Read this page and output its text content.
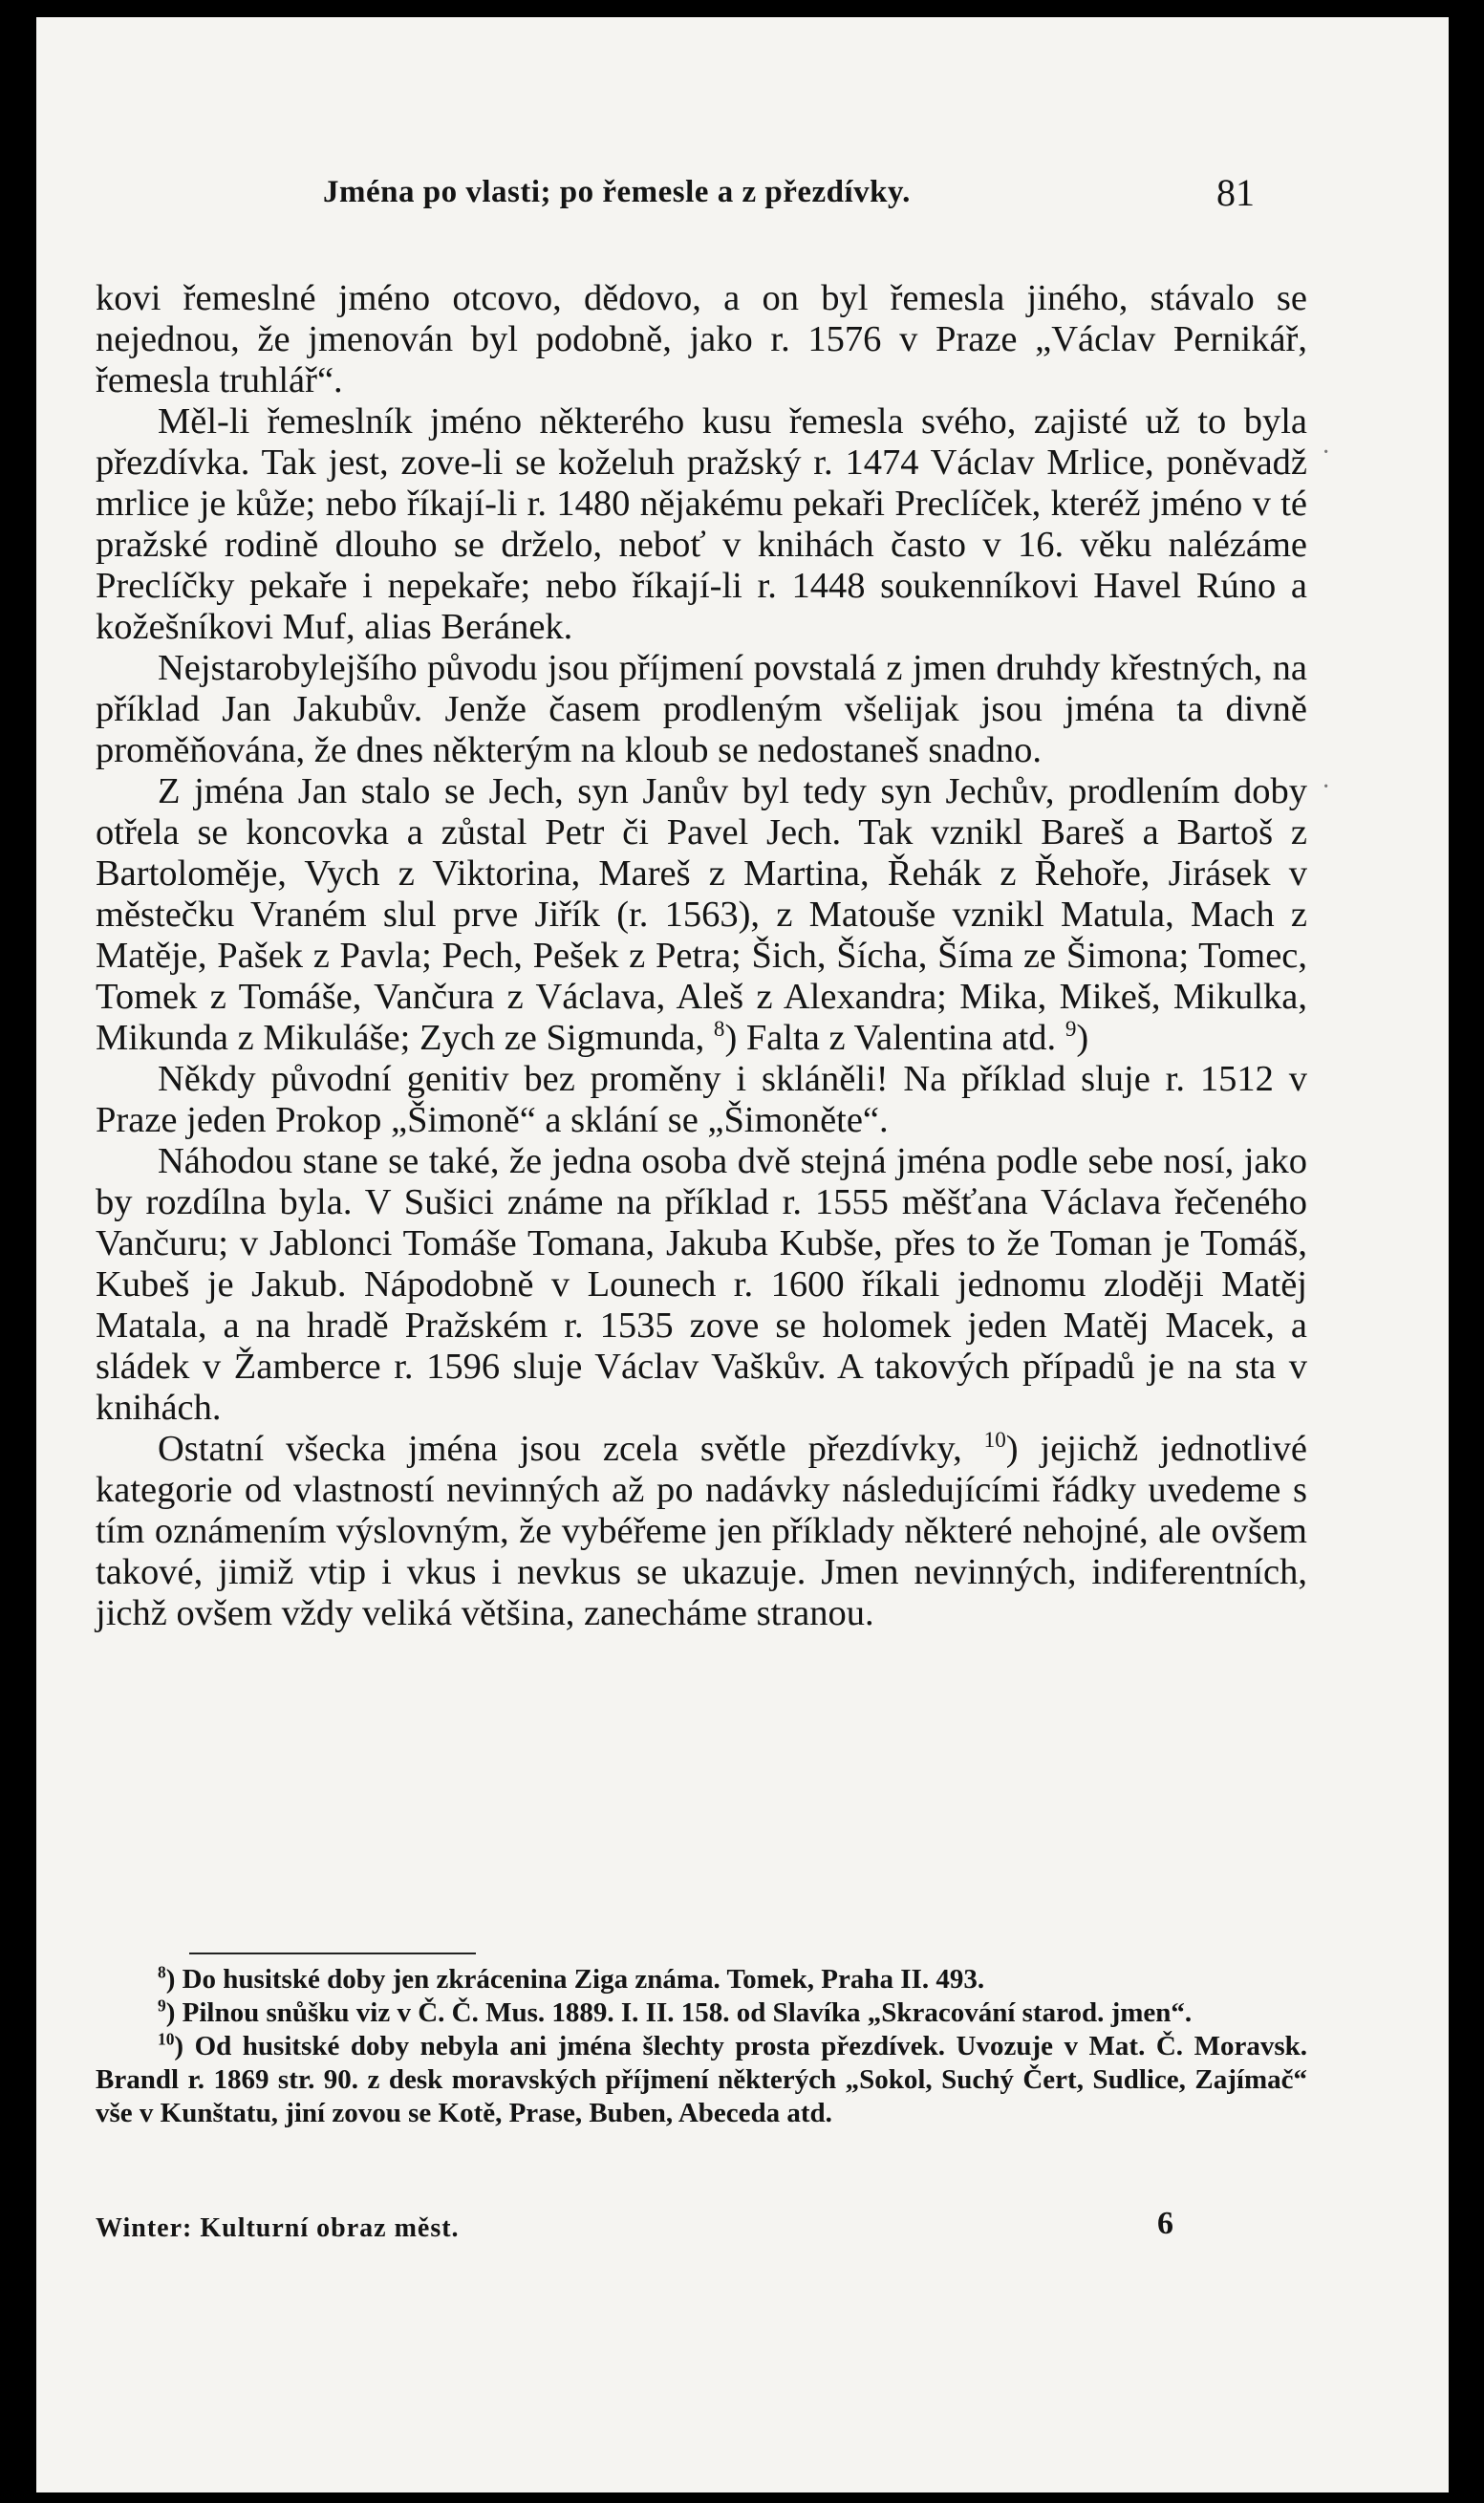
Jména po vlasti; po řemesle a z přezdívky.	81

kovi řemeslné jméno otcovo, dědovo, a on byl řemesla jiného, stávalo se nejednou, že jmenován byl podobně, jako r. 1576 v Praze „Václav Pernikář, řemesla truhlář“.

Měl-li řemeslník jméno některého kusu řemesla svého, zajisté už to byla přezdívka. Tak jest, zove-li se koželuh pražský r. 1474 Václav Mrlice, poněvadž mrlice je kůže; nebo říkají-li r. 1480 nějakému pekaři Preclíček, kteréž jméno v té pražské rodině dlouho se drželo, neboť v knihách často v 16. věku nalézáme Preclíčky pekaře i nepekaře; nebo říkají-li r. 1448 soukenníkovi Havel Rúno a kožešníkovi Muf, alias Beránek.

Nejstarobylejšího původu jsou příjmení povstalá z jmen druhdy křestných, na příklad Jan Jakubův. Jenže časem prodleným všelijak jsou jména ta divně proměňována, že dnes některým na kloub se nedostaneš snadno.

Z jména Jan stalo se Jech, syn Janův byl tedy syn Jechův, prodlením doby otřela se koncovka a zůstal Petr či Pavel Jech. Tak vznikl Bareš a Bartoš z Bartoloměje, Vych z Viktorina, Mareš z Martina, Řehák z Řehoře, Jirásek v městečku Vraném slul prve Jiřík (r. 1563), z Matouše vznikl Matula, Mach z Matěje, Pašek z Pavla; Pech, Pešek z Petra; Šich, Šícha, Šíma ze Šimona; Tomec, Tomek z Tomáše, Vančura z Václava, Aleš z Alexandra; Mika, Mikeš, Mikulka, Mikunda z Mikuláše; Zych ze Sigmunda, $^8$) Falta z Valentina atd. $^9$)

Někdy původní genitiv bez proměny i skláněli! Na příklad sluje r. 1512 v Praze jeden Prokop „Šimoně“ a sklání se „Šimoněte“.

Náhodou stane se také, že jedna osoba dvě stejná jména podle sebe nosí, jako by rozdílna byla. V Sušici známe na příklad r. 1555 měšťana Václava řečeného Vančuru; v Jablonci Tomáše Tomana, Jakuba Kubše, přes to že Toman je Tomáš, Kubeš je Jakub. Nápodobně v Lounech r. 1600 říkali jednomu zloději Matěj Matala, a na hradě Pražském r. 1535 zove se holomek jeden Matěj Macek, a sládek v Žamberce r. 1596 sluje Václav Vaškův. A takových případů je na sta v knihách.

Ostatní všecka jména jsou zcela světle přezdívky, $^{10}$) jejichž jednotlivé kategorie od vlastností nevinných až po nadávky následujícími řádky uvedeme s tím oznámením výslovným, že vybéřeme jen příklady některé nehojné, ale ovšem takové, jimiž vtip i vkus i nevkus se ukazuje. Jmen nevinných, indiferentních, jichž ovšem vždy veliká většina, zanecháme stranou.

$^8$) Do husitské doby jen zkrácenina Ziga známa. Tomek, Praha II. 493.

$^9$) Pilnou snůšku viz v Č. Č. Mus. 1889. I. II. 158. od Slavíka „Skracování starod. jmen“.

$^{10}$) Od husitské doby nebyla ani jména šlechty prosta přezdívek. Uvozuje v Mat. Č. Moravsk. Brandl r. 1869 str. 90. z desk moravských příjmení některých „Sokol, Suchý Čert, Sudlice, Zajímač“ vše v Kunštatu, jiní zovou se Kotě, Prase, Buben, Abeceda atd.

Winter: Kulturní obraz měst.	6
·
·
